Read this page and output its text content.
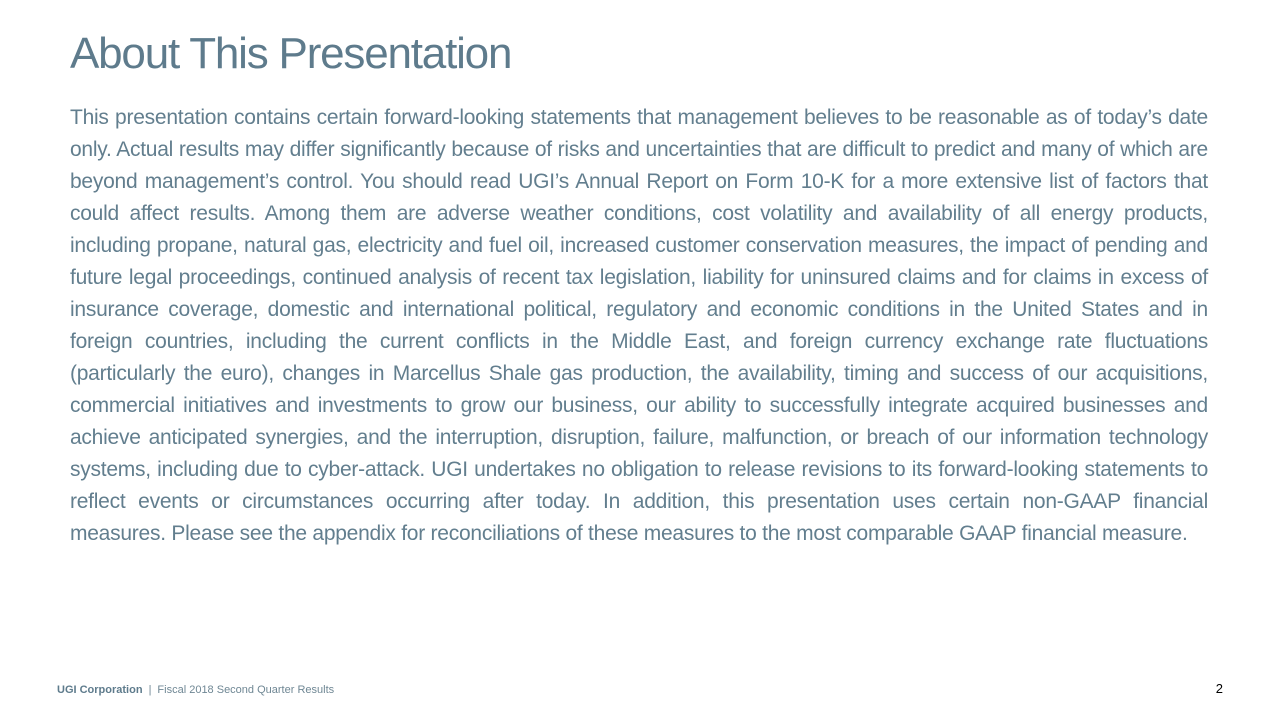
About This Presentation

This presentation contains certain forward-looking statements that management believes to be reasonable as of today’s date only. Actual results may differ significantly because of risks and uncertainties that are difficult to predict and many of which are beyond management’s control. You should read UGI’s Annual Report on Form 10-K for a more extensive list of factors that could affect results. Among them are adverse weather conditions, cost volatility and availability of all energy products, including propane, natural gas, electricity and fuel oil, increased customer conservation measures, the impact of pending and future legal proceedings, continued analysis of recent tax legislation, liability for uninsured claims and for claims in excess of insurance coverage, domestic and international political, regulatory and economic conditions in the United States and in foreign countries, including the current conflicts in the Middle East, and foreign currency exchange rate fluctuations (particularly the euro), changes in Marcellus Shale gas production, the availability, timing and success of our acquisitions, commercial initiatives and investments to grow our business, our ability to successfully integrate acquired businesses and achieve anticipated synergies, and the interruption, disruption, failure, malfunction, or breach of our information technology systems, including due to cyber-attack. UGI undertakes no obligation to release revisions to its forward-looking statements to reflect events or circumstances occurring after today. In addition, this presentation uses certain non-GAAP financial measures. Please see the appendix for reconciliations of these measures to the most comparable GAAP financial measure.

UGI Corporation | Fiscal 2018 Second Quarter Results	2
